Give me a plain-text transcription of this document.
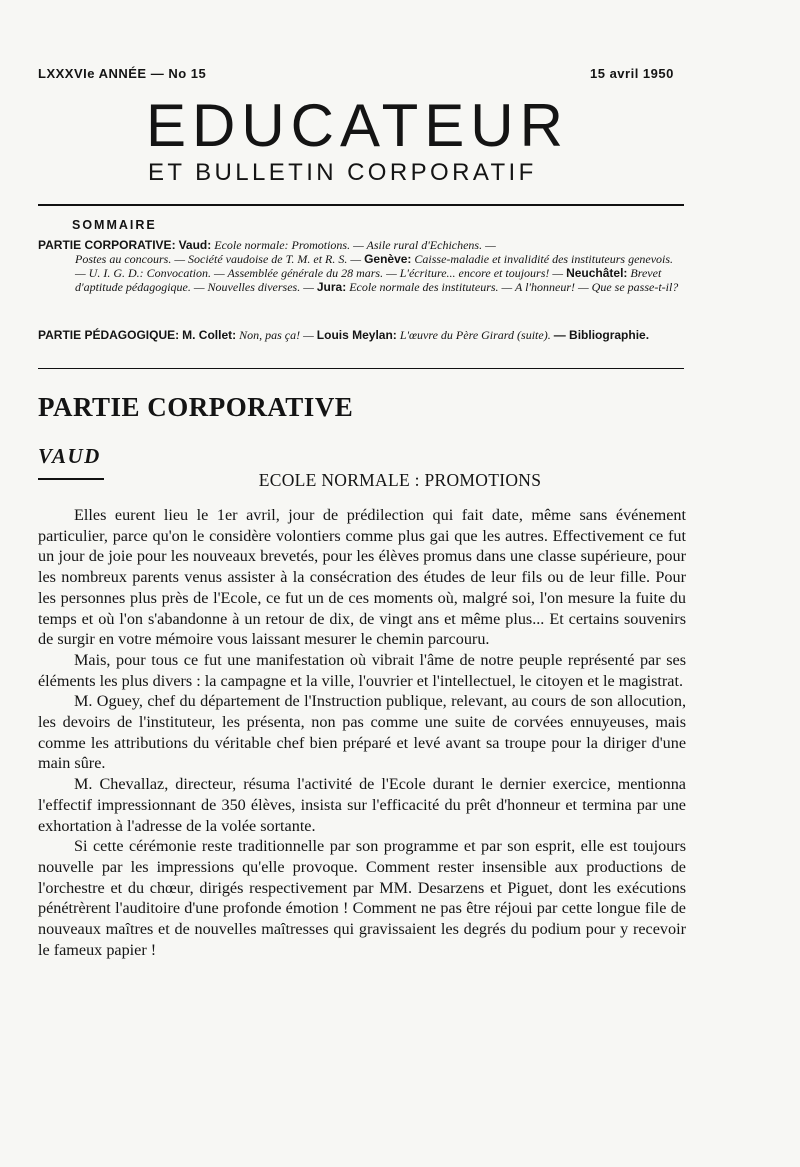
LXXXVIe ANNÉE — No 15	15 avril 1950
EDUCATEUR
ET BULLETIN CORPORATIF
SOMMAIRE
PARTIE CORPORATIVE: Vaud: Ecole normale: Promotions. — Asile rural d'Echichens. —
Postes au concours. — Société vaudoise de T. M. et R. S. — Genève: Caisse-maladie et invalidité des instituteurs genevois. — U. I. G. D.: Convocation. — Assemblée générale du 28 mars. — L'écriture... encore et toujours! — Neuchâtel: Brevet d'aptitude pédagogique. — Nouvelles diverses. — Jura: Ecole normale des instituteurs. — A l'honneur! — Que se passe-t-il?
PARTIE PÉDAGOGIQUE: M. Collet: Non, pas ça! — Louis Meylan: L'œuvre du Père Girard (suite). — Bibliographie.
PARTIE CORPORATIVE
VAUD
ECOLE NORMALE : PROMOTIONS

Elles eurent lieu le 1er avril, jour de prédilection qui fait date, même sans événement particulier, parce qu'on le considère volontiers comme plus gai que les autres. Effectivement ce fut un jour de joie pour les nouveaux brevetés, pour les élèves promus dans une classe supérieure, pour les nombreux parents venus assister à la consécration des études de leur fils ou de leur fille. Pour les personnes plus près de l'Ecole, ce fut un de ces moments où, malgré soi, l'on mesure la fuite du temps et où l'on s'abandonne à un retour de dix, de vingt ans et même plus... Et certains souvenirs de surgir en votre mémoire vous laissant mesurer le chemin parcouru.

Mais, pour tous ce fut une manifestation où vibrait l'âme de notre peuple représenté par ses éléments les plus divers : la campagne et la ville, l'ouvrier et l'intellectuel, le citoyen et le magistrat.

M. Oguey, chef du département de l'Instruction publique, relevant, au cours de son allocution, les devoirs de l'instituteur, les présenta, non pas comme une suite de corvées ennuyeuses, mais comme les attributions du véritable chef bien préparé et levé avant sa troupe pour la diriger d'une main sûre.

M. Chevallaz, directeur, résuma l'activité de l'Ecole durant le dernier exercice, mentionna l'effectif impressionnant de 350 élèves, insista sur l'efficacité du prêt d'honneur et termina par une exhortation à l'adresse de la volée sortante.

Si cette cérémonie reste traditionnelle par son programme et par son esprit, elle est toujours nouvelle par les impressions qu'elle provoque. Comment rester insensible aux productions de l'orchestre et du chœur, dirigés respectivement par MM. Desarzens et Piguet, dont les exécutions pénétrèrent l'auditoire d'une profonde émotion ! Comment ne pas être réjoui par cette longue file de nouveaux maîtres et de nouvelles maîtresses qui gravissaient les degrés du podium pour y recevoir le fameux papier !
